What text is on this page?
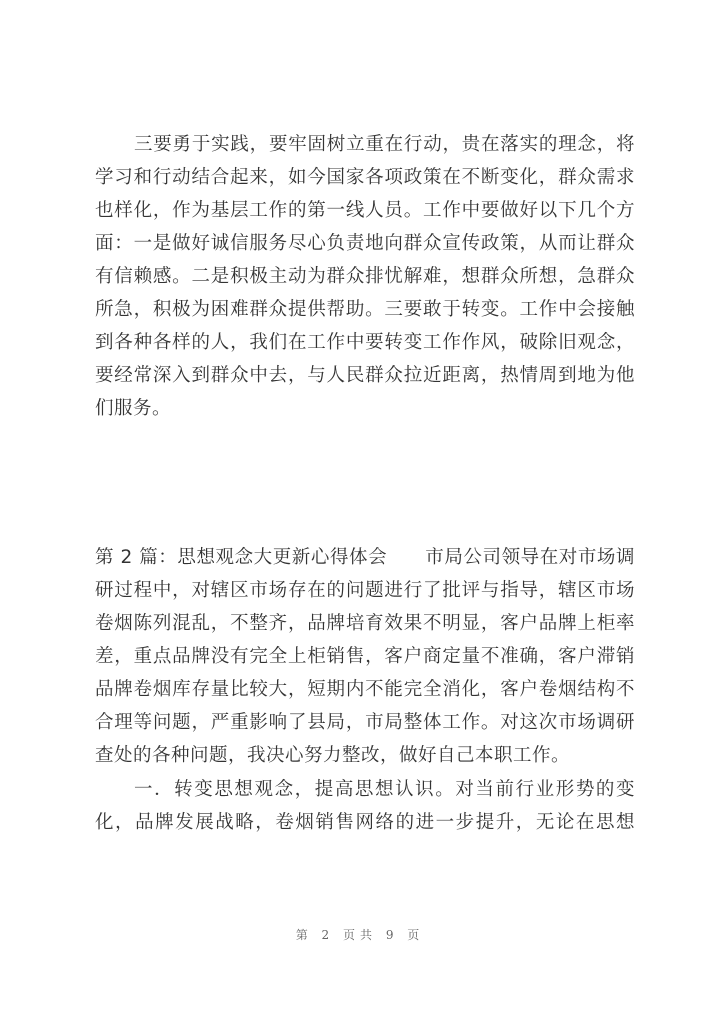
三要勇于实践，要牢固树立重在行动，贵在落实的理念，将
学习和行动结合起来，如今国家各项政策在不断变化，群众需求
也样化，作为基层工作的第一线人员。工作中要做好以下几个方
面：一是做好诚信服务尽心负责地向群众宣传政策，从而让群众
有信赖感。二是积极主动为群众排忧解难，想群众所想，急群众
所急，积极为困难群众提供帮助。三要敢于转变。工作中会接触
到各种各样的人，我们在工作中要转变工作作风，破除旧观念，
要经常深入到群众中去，与人民群众拉近距离，热情周到地为他
们服务。
第 2 篇：思想观念大更新心得体会　　市局公司领导在对市场调
研过程中，对辖区市场存在的问题进行了批评与指导，辖区市场
卷烟陈列混乱，不整齐，品牌培育效果不明显，客户品牌上柜率
差，重点品牌没有完全上柜销售，客户商定量不准确，客户滞销
品牌卷烟库存量比较大，短期内不能完全消化，客户卷烟结构不
合理等问题，严重影响了县局，市局整体工作。对这次市场调研
查处的各种问题，我决心努力整改，做好自己本职工作。
一．转变思想观念，提高思想认识。对当前行业形势的变
化，品牌发展战略，卷烟销售网络的进一步提升，无论在思想
第 2 页共 9 页
